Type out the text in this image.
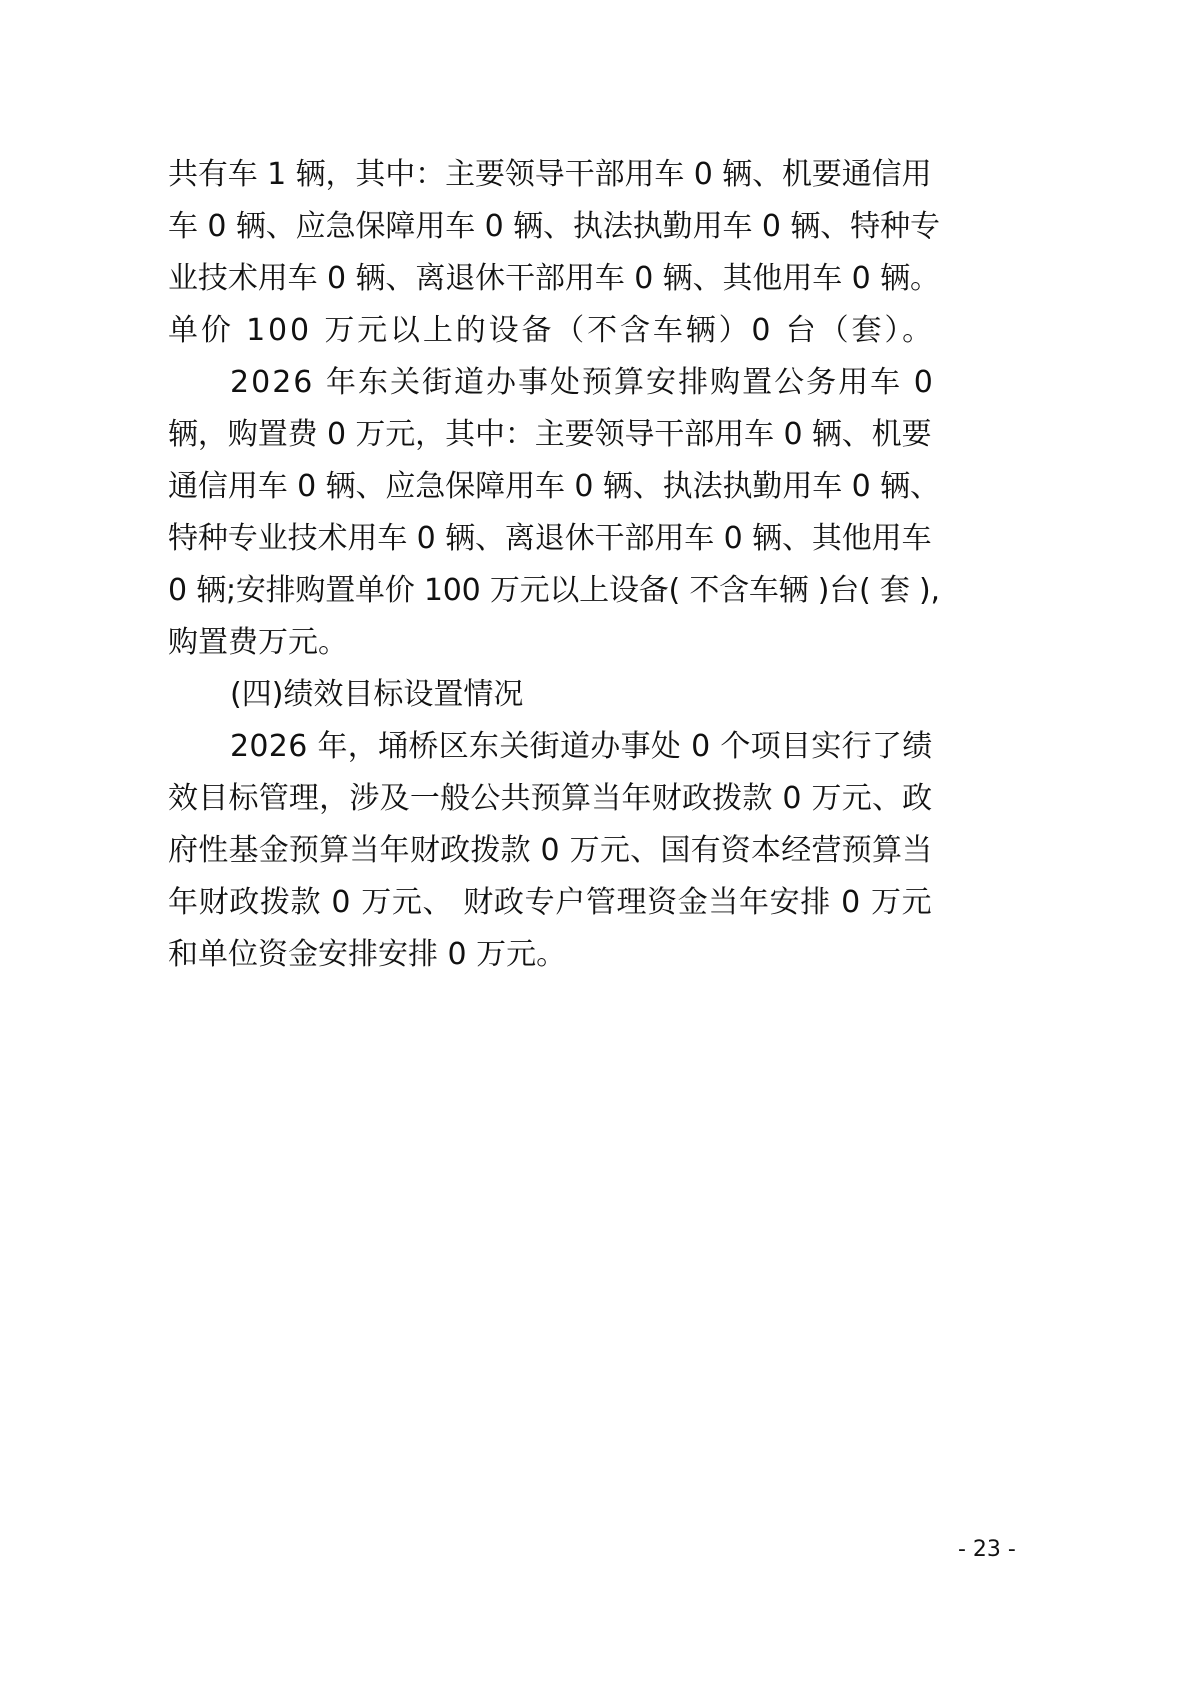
共有车 1 辆，其中：主要领导干部用车 0 辆、机要通信用
车 0 辆、应急保障用车 0 辆、执法执勤用车 0 辆、特种专
业技术用车 0 辆、离退休干部用车 0 辆、其他用车 0 辆。
单价 100 万元以上的设备（不含车辆）0 台（套）。
2026 年东关街道办事处预算安排购置公务用车 0
辆，购置费 0 万元，其中：主要领导干部用车 0 辆、机要
通信用车 0 辆、应急保障用车 0 辆、执法执勤用车 0 辆、
特种专业技术用车 0 辆、离退休干部用车 0 辆、其他用车
0 辆;安排购置单价 100 万元以上设备( 不含车辆 )台( 套 ),
购置费万元。
(四)绩效目标设置情况
2026 年，埇桥区东关街道办事处 0 个项目实行了绩
效目标管理，涉及一般公共预算当年财政拨款 0 万元、政
府性基金预算当年财政拨款 0 万元、国有资本经营预算当
年财政拨款 0 万元、 财政专户管理资金当年安排 0 万元
和单位资金安排安排 0 万元。
- 23 -
